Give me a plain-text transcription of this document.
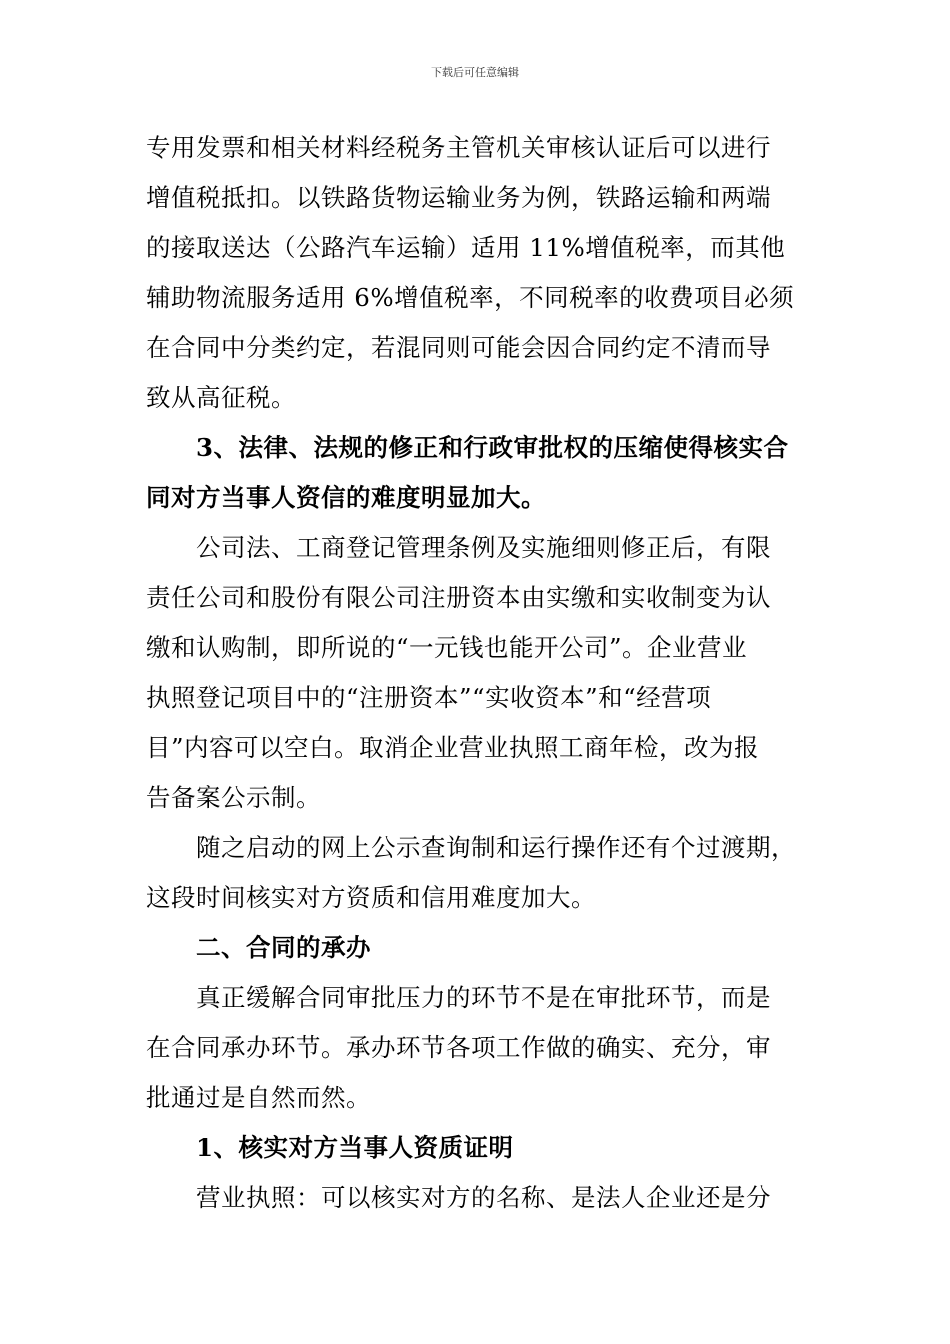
下载后可任意编辑
专用发票和相关材料经税务主管机关审核认证后可以进行
增值税抵扣。以铁路货物运输业务为例，铁路运输和两端
的接取送达（公路汽车运输）适用 11%增值税率，而其他
辅助物流服务适用 6%增值税率，不同税率的收费项目必须
在合同中分类约定，若混同则可能会因合同约定不清而导
致从高征税。
3、法律、法规的修正和行政审批权的压缩使得核实合
同对方当事人资信的难度明显加大。
公司法、工商登记管理条例及实施细则修正后，有限
责任公司和股份有限公司注册资本由实缴和实收制变为认
缴和认购制，即所说的“一元钱也能开公司”。企业营业
执照登记项目中的“注册资本”“实收资本”和“经营项
目”内容可以空白。取消企业营业执照工商年检，改为报
告备案公示制。
随之启动的网上公示查询制和运行操作还有个过渡期，
这段时间核实对方资质和信用难度加大。
二、合同的承办
真正缓解合同审批压力的环节不是在审批环节，而是
在合同承办环节。承办环节各项工作做的确实、充分，审
批通过是自然而然。
1、核实对方当事人资质证明
营业执照：可以核实对方的名称、是法人企业还是分
